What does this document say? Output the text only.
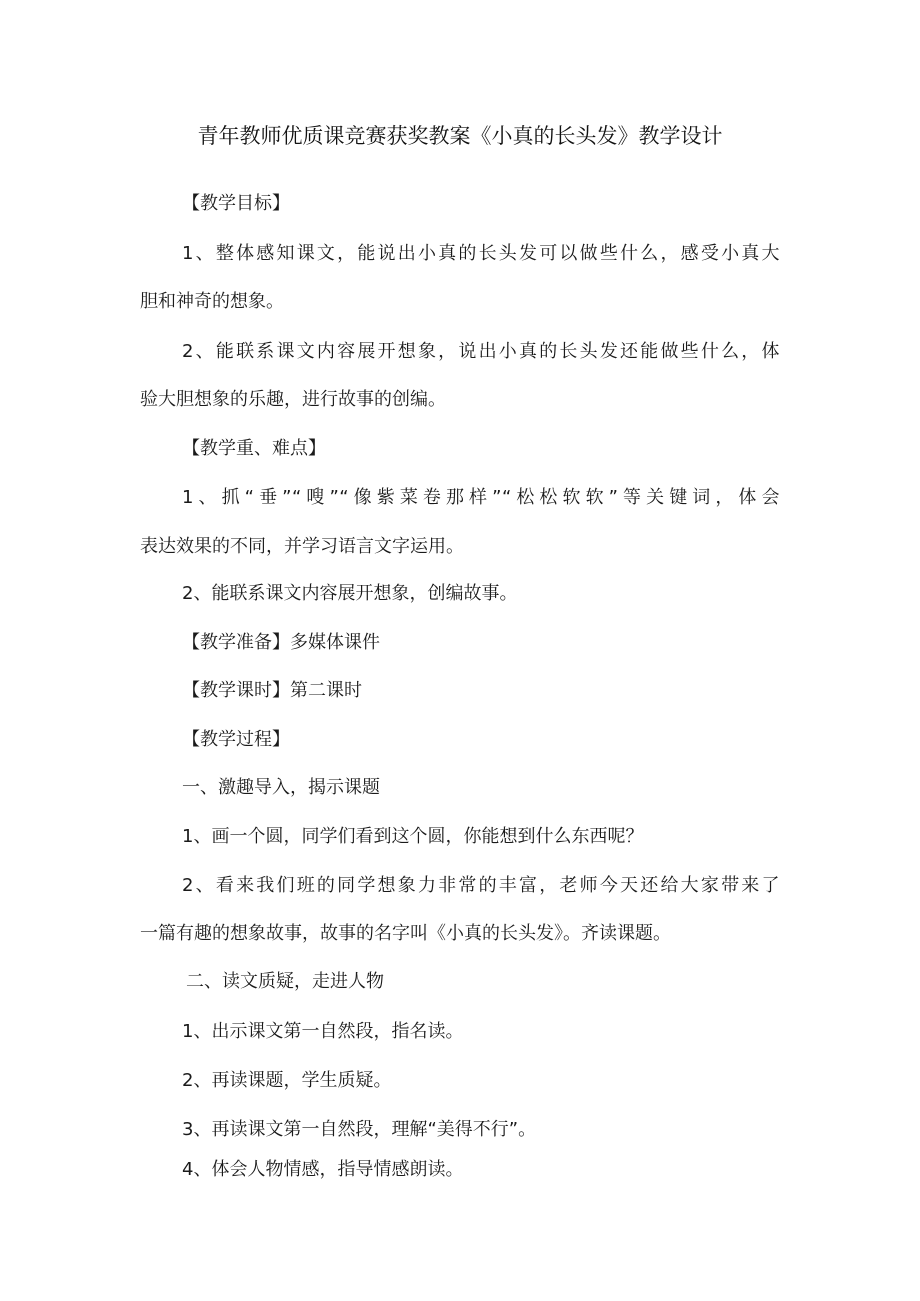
青年教师优质课竞赛获奖教案《小真的长头发》教学设计
【教学目标】
1、整体感知课文，能说出小真的长头发可以做些什么，感受小真大
胆和神奇的想象。
2、能联系课文内容展开想象，说出小真的长头发还能做些什么，体
验大胆想象的乐趣，进行故事的创编。
【教学重、难点】
1、抓“垂”“嗖”“像紫菜卷那样”“松松软软”等关键词，体会
表达效果的不同，并学习语言文字运用。
2、能联系课文内容展开想象，创编故事。
【教学准备】多媒体课件
【教学课时】第二课时
【教学过程】
一、激趣导入，揭示课题
1、画一个圆，同学们看到这个圆，你能想到什么东西呢？
2、看来我们班的同学想象力非常的丰富，老师今天还给大家带来了
一篇有趣的想象故事，故事的名字叫《小真的长头发》。齐读课题。
二、读文质疑，走进人物
1、出示课文第一自然段，指名读。
2、再读课题，学生质疑。
3、再读课文第一自然段，理解“美得不行”。
4、体会人物情感，指导情感朗读。
